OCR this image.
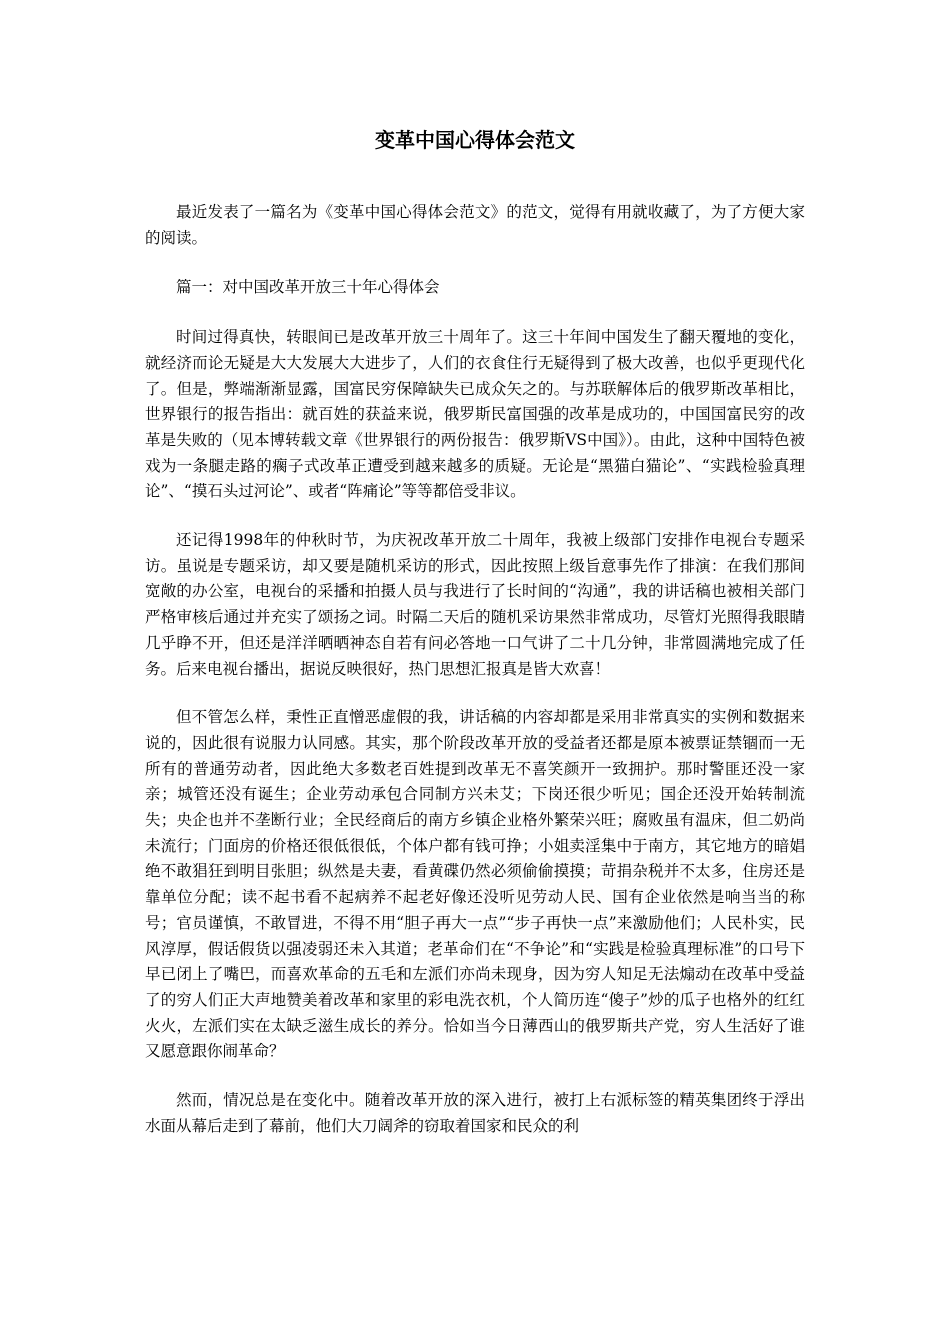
变革中国心得体会范文

最近发表了一篇名为《变革中国心得体会范文》的范文，觉得有用就收藏了，为了方便大家的阅读。

篇一：对中国改革开放三十年心得体会

时间过得真快，转眼间已是改革开放三十周年了。这三十年间中国发生了翻天覆地的变化，就经济而论无疑是大大发展大大进步了，人们的衣食住行无疑得到了极大改善，也似乎更现代化了。但是，弊端渐渐显露，国富民穷保障缺失已成众矢之的。与苏联解体后的俄罗斯改革相比，世界银行的报告指出：就百姓的获益来说，俄罗斯民富国强的改革是成功的，中国国富民穷的改革是失败的（见本博转载文章《世界银行的两份报告：俄罗斯VS中国》）。由此，这种中国特色被戏为一条腿走路的瘸子式改革正遭受到越来越多的质疑。无论是“黑猫白猫论”、“实践检验真理论”、“摸石头过河论”、或者“阵痛论”等等都倍受非议。

还记得1998年的仲秋时节，为庆祝改革开放二十周年，我被上级部门安排作电视台专题采访。虽说是专题采访，却又要是随机采访的形式，因此按照上级旨意事先作了排演：在我们那间宽敞的办公室，电视台的采播和拍摄人员与我进行了长时间的“沟通”，我的讲话稿也被相关部门严格审核后通过并充实了颂扬之词。时隔二天后的随机采访果然非常成功，尽管灯光照得我眼睛几乎睁不开，但还是洋洋晒晒神态自若有问必答地一口气讲了二十几分钟，非常圆满地完成了任务。后来电视台播出，据说反映很好，热门思想汇报真是皆大欢喜！

但不管怎么样，秉性正直憎恶虚假的我，讲话稿的内容却都是采用非常真实的实例和数据来说的，因此很有说服力认同感。其实，那个阶段改革开放的受益者还都是原本被票证禁锢而一无所有的普通劳动者，因此绝大多数老百姓提到改革无不喜笑颜开一致拥护。那时警匪还没一家亲；城管还没有诞生；企业劳动承包合同制方兴未艾；下岗还很少听见；国企还没开始转制流失；央企也并不垄断行业；全民经商后的南方乡镇企业格外繁荣兴旺；腐败虽有温床，但二奶尚未流行；门面房的价格还很低很低，个体户都有钱可挣；小姐卖淫集中于南方，其它地方的暗娼绝不敢猖狂到明目张胆；纵然是夫妻，看黄碟仍然必须偷偷摸摸；苛捐杂税并不太多，住房还是靠单位分配；读不起书看不起病养不起老好像还没听见劳动人民、国有企业依然是响当当的称号；官员谨慎，不敢冒进，不得不用“胆子再大一点”“步子再快一点”来激励他们；人民朴实，民风淳厚，假话假货以强凌弱还未入其道；老革命们在“不争论”和“实践是检验真理标准”的口号下早已闭上了嘴巴，而喜欢革命的五毛和左派们亦尚未现身，因为穷人知足无法煽动在改革中受益了的穷人们正大声地赞美着改革和家里的彩电洗衣机，个人简历连“傻子”炒的瓜子也格外的红红火火，左派们实在太缺乏滋生成长的养分。恰如当今日薄西山的俄罗斯共产党，穷人生活好了谁又愿意跟你闹革命？

然而，情况总是在变化中。随着改革开放的深入进行，被打上右派标签的精英集团终于浮出水面从幕后走到了幕前，他们大刀阔斧的窃取着国家和民众的利
